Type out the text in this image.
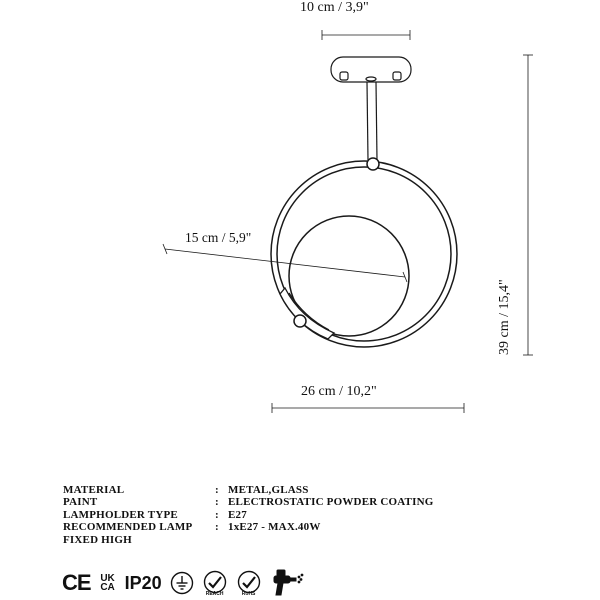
10 cm / 3,9"
15 cm / 5,9"
26 cm / 10,2"
39 cm / 15,4"
MATERIAL	: METAL,GLASS
PAINT	: ELECTROSTATIC POWDER COATING
LAMPHOLDER TYPE	: E27
RECOMMENDED LAMP	: 1xE27 - MAX.40W
FIXED HIGH
CE UK
CA IP20
REACH	RoHS
